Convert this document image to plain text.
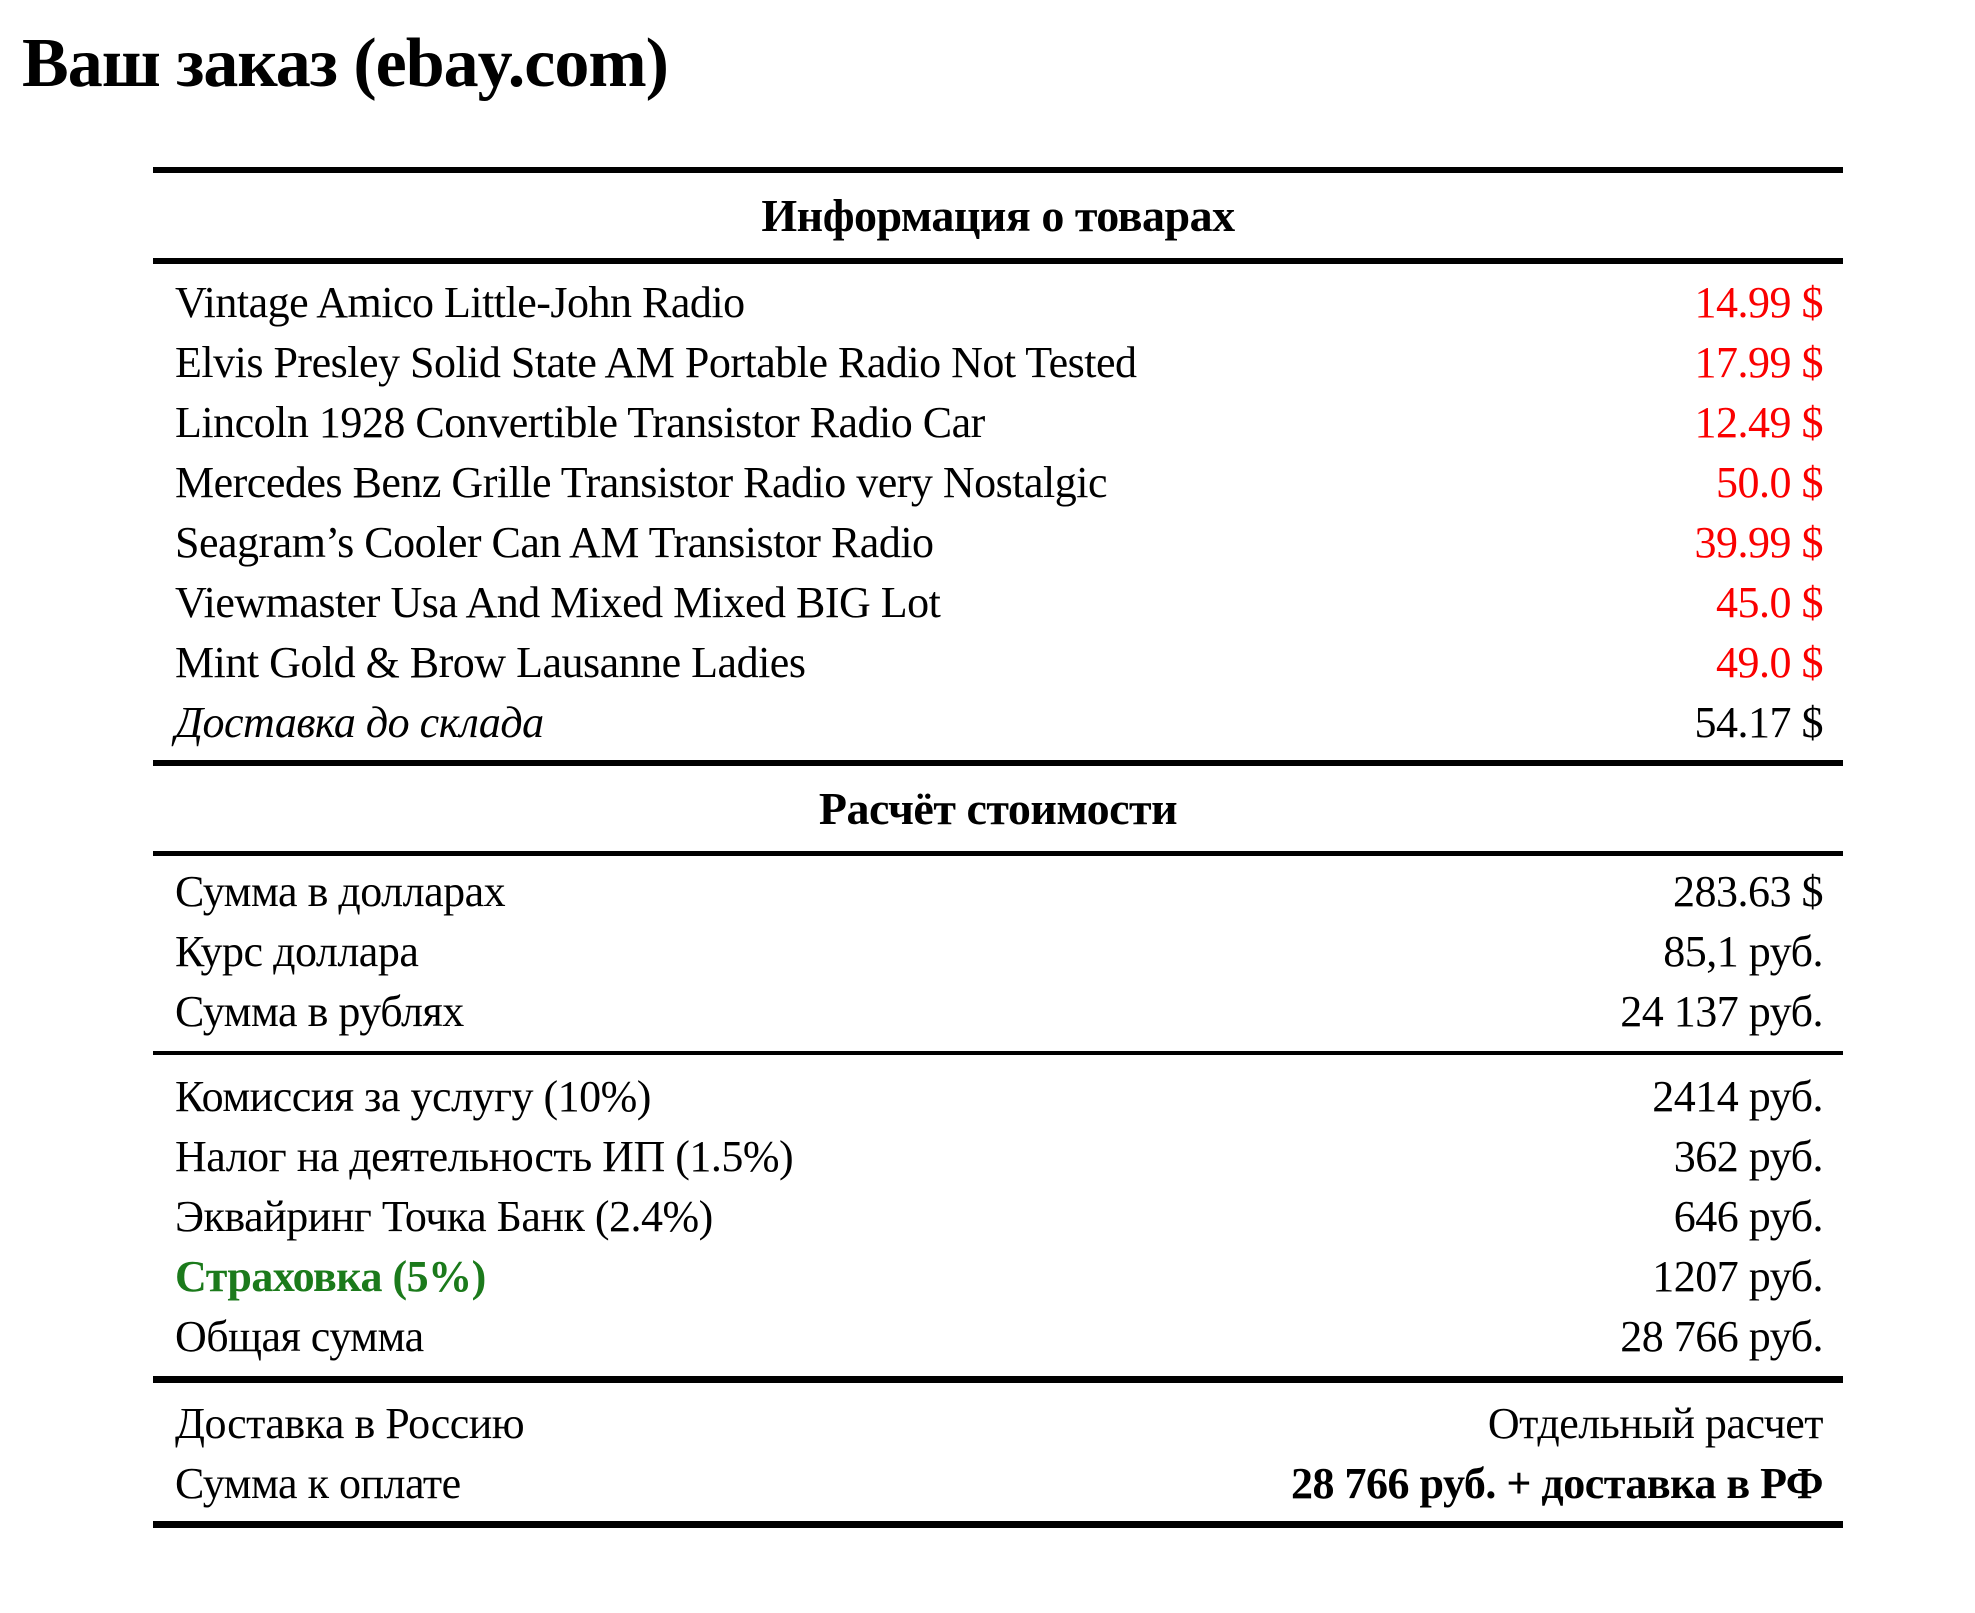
Ваш заказ (ebay.com)
Информация о товарах
Vintage Amico Little-John Radio	14.99 $
Elvis Presley Solid State AM Portable Radio Not Tested	17.99 $
Lincoln 1928 Convertible Transistor Radio Car	12.49 $
Mercedes Benz Grille Transistor Radio very Nostalgic	50.0 $
Seagram’s Cooler Can AM Transistor Radio	39.99 $
Viewmaster Usa And Mixed Mixed BIG Lot	45.0 $
Mint Gold & Brow Lausanne Ladies	49.0 $
Доставка до склада	54.17 $
Расчёт стоимости
Сумма в долларах	283.63 $
Курс доллара	85,1 руб.
Сумма в рублях	24 137 руб.
Комиссия за услугу (10%)	2414 руб.
Налог на деятельность ИП (1.5%)	362 руб.
Эквайринг Точка Банк (2.4%)	646 руб.
Страховка (5%)	1207 руб.
Общая сумма	28 766 руб.
Доставка в Россию	Отдельный расчет
Сумма к оплате	28 766 руб. + доставка в РФ
